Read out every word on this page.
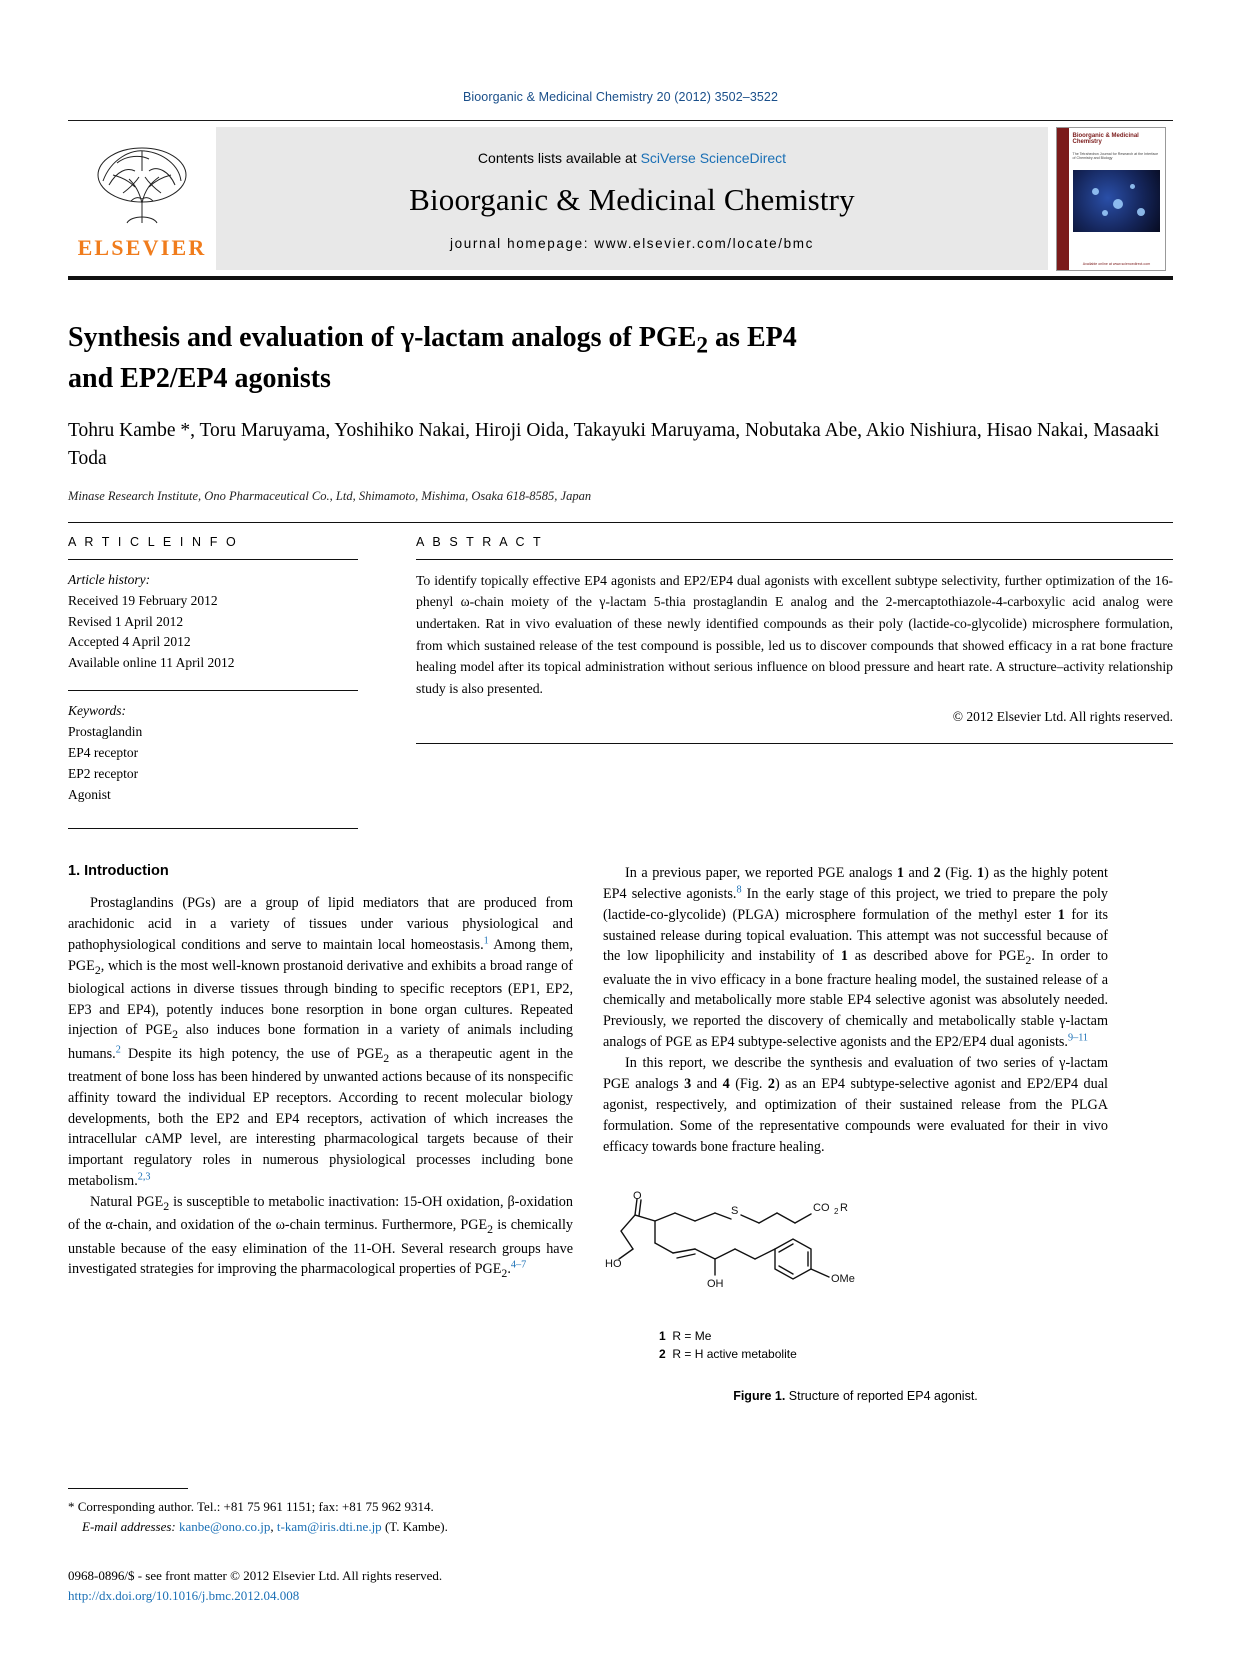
Bioorganic & Medicinal Chemistry 20 (2012) 3502–3522
ELSEVIER
Contents lists available at SciVerse ScienceDirect
Bioorganic & Medicinal Chemistry
journal homepage: www.elsevier.com/locate/bmc
Bioorganic & Medicinal Chemistry
The Tetrahedron Journal for Research at the Interface of Chemistry and Biology
Available online at www.sciencedirect.com
Synthesis and evaluation of γ-lactam analogs of $PGE_2$ as EP4
and EP2/EP4 agonists
Tohru Kambe *, Toru Maruyama, Yoshihiko Nakai, Hiroji Oida, Takayuki Maruyama, Nobutaka Abe, Akio Nishiura, Hisao Nakai, Masaaki Toda
Minase Research Institute, Ono Pharmaceutical Co., Ltd, Shimamoto, Mishima, Osaka 618-8585, Japan
A R T I C L E I N F O
Article history:
Received 19 February 2012
Revised 1 April 2012
Accepted 4 April 2012
Available online 11 April 2012
Keywords:
Prostaglandin
EP4 receptor
EP2 receptor
Agonist
A B S T R A C T
To identify topically effective EP4 agonists and EP2/EP4 dual agonists with excellent subtype selectivity, further optimization of the 16-phenyl ω-chain moiety of the γ-lactam 5-thia prostaglandin E analog and the 2-mercaptothiazole-4-carboxylic acid analog were undertaken. Rat in vivo evaluation of these newly identified compounds as their poly (lactide-co-glycolide) microsphere formulation, from which sustained release of the test compound is possible, led us to discover compounds that showed efficacy in a rat bone fracture healing model after its topical administration without serious influence on blood pressure and heart rate. A structure–activity relationship study is also presented.
© 2012 Elsevier Ltd. All rights reserved.
1. Introduction

Prostaglandins (PGs) are a group of lipid mediators that are produced from arachidonic acid in a variety of tissues under various physiological and pathophysiological conditions and serve to maintain local homeostasis.$^1$ Among them, $PGE_2$, which is the most well-known prostanoid derivative and exhibits a broad range of biological actions in diverse tissues through binding to specific receptors (EP1, EP2, EP3 and EP4), potently induces bone resorption in bone organ cultures. Repeated injection of $PGE_2$ also induces bone formation in a variety of animals including humans.$^2$ Despite its high potency, the use of $PGE_2$ as a therapeutic agent in the treatment of bone loss has been hindered by unwanted actions because of its nonspecific affinity toward the individual EP receptors. According to recent molecular biology developments, both the EP2 and EP4 receptors, activation of which increases the intracellular cAMP level, are interesting pharmacological targets because of their important regulatory roles in numerous physiological processes including bone metabolism.$^{2,3}$

Natural $PGE_2$ is susceptible to metabolic inactivation: 15-OH oxidation, β-oxidation of the α-chain, and oxidation of the ω-chain terminus. Furthermore, $PGE_2$ is chemically unstable because of the easy elimination of the 11-OH. Several research groups have investigated strategies for improving the pharmacological properties of $PGE_2.^{4-7}$

In a previous paper, we reported PGE analogs 1 and 2 (Fig. 1) as the highly potent EP4 selective agonists.$^8$ In the early stage of this project, we tried to prepare the poly (lactide-co-glycolide) (PLGA) microsphere formulation of the methyl ester 1 for its sustained release during topical evaluation. This attempt was not successful because of the low lipophilicity and instability of 1 as described above for $PGE_2$. In order to evaluate the in vivo efficacy in a bone fracture healing model, the sustained release of a chemically and metabolically more stable EP4 selective agonist was absolutely needed. Previously, we reported the discovery of chemically and metabolically stable γ-lactam analogs of PGE as EP4 subtype-selective agonists and the EP2/EP4 dual agonists.$^{9-11}$

In this report, we describe the synthesis and evaluation of two series of γ-lactam PGE analogs 3 and 4 (Fig. 2) as an EP4 subtype-selective agonist and EP2/EP4 dual agonist, respectively, and optimization of their sustained release from the PLGA formulation. Some of the representative compounds were evaluated for their in vivo efficacy towards bone fracture healing.

O
S	CO 2 R
HO
OH	OMe
1 R = Me
2 R = H active metabolite
Figure 1. Structure of reported EP4 agonist.
* Corresponding author. Tel.: +81 75 961 1151; fax: +81 75 962 9314.
E-mail addresses: kanbe@ono.co.jp, t-kam@iris.dti.ne.jp (T. Kambe).
0968-0896/$ - see front matter © 2012 Elsevier Ltd. All rights reserved.
http://dx.doi.org/10.1016/j.bmc.2012.04.008
